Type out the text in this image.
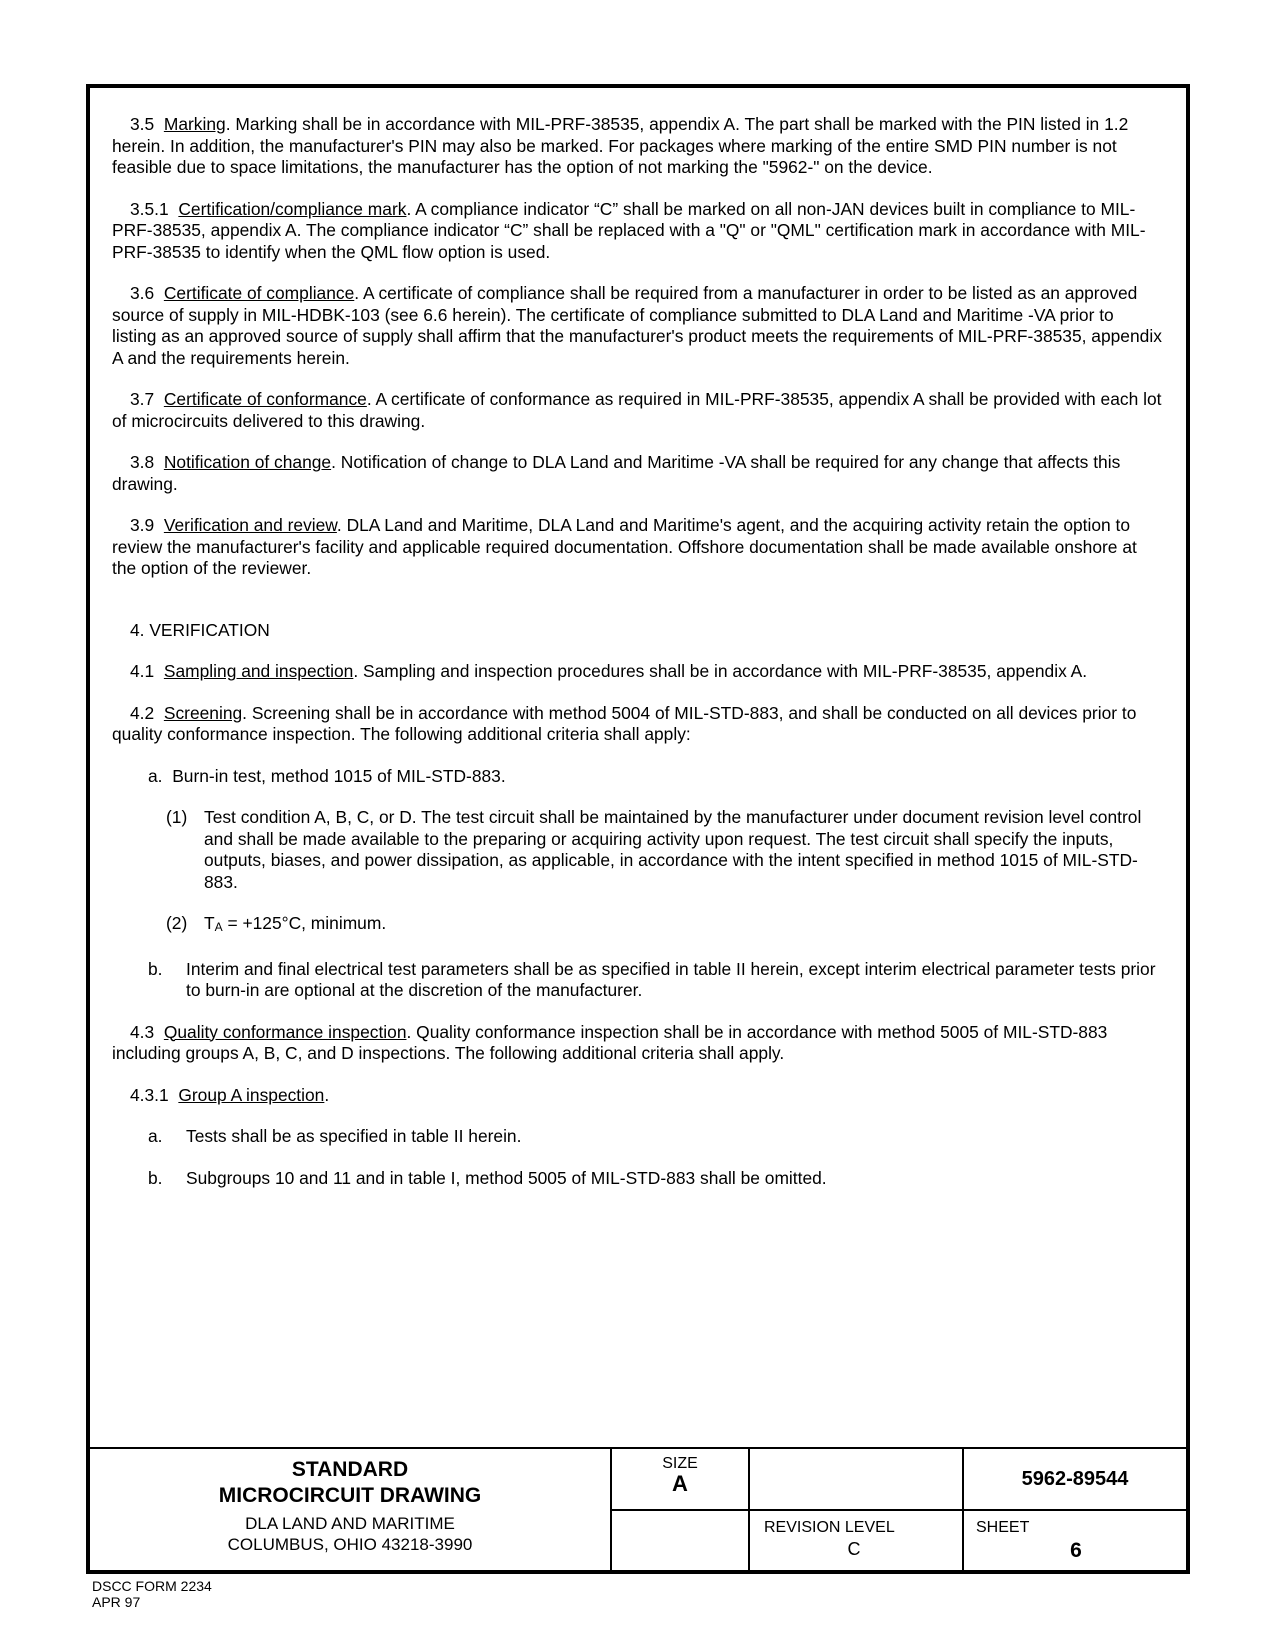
3.5 Marking. Marking shall be in accordance with MIL-PRF-38535, appendix A. The part shall be marked with the PIN listed in 1.2 herein. In addition, the manufacturer's PIN may also be marked. For packages where marking of the entire SMD PIN number is not feasible due to space limitations, the manufacturer has the option of not marking the "5962-" on the device.

3.5.1 Certification/compliance mark. A compliance indicator “C” shall be marked on all non-JAN devices built in compliance to MIL-PRF-38535, appendix A. The compliance indicator “C” shall be replaced with a "Q" or "QML" certification mark in accordance with MIL-PRF-38535 to identify when the QML flow option is used.

3.6 Certificate of compliance. A certificate of compliance shall be required from a manufacturer in order to be listed as an approved source of supply in MIL-HDBK-103 (see 6.6 herein). The certificate of compliance submitted to DLA Land and Maritime -VA prior to listing as an approved source of supply shall affirm that the manufacturer's product meets the requirements of MIL-PRF-38535, appendix A and the requirements herein.

3.7 Certificate of conformance. A certificate of conformance as required in MIL-PRF-38535, appendix A shall be provided with each lot of microcircuits delivered to this drawing.

3.8 Notification of change. Notification of change to DLA Land and Maritime -VA shall be required for any change that affects this drawing.

3.9 Verification and review. DLA Land and Maritime, DLA Land and Maritime's agent, and the acquiring activity retain the option to review the manufacturer's facility and applicable required documentation. Offshore documentation shall be made available onshore at the option of the reviewer.

4. VERIFICATION

4.1 Sampling and inspection. Sampling and inspection procedures shall be in accordance with MIL-PRF-38535, appendix A.

4.2 Screening. Screening shall be in accordance with method 5004 of MIL-STD-883, and shall be conducted on all devices prior to quality conformance inspection. The following additional criteria shall apply:

a. Burn-in test, method 1015 of MIL-STD-883.

(1) Test condition A, B, C, or D. The test circuit shall be maintained by the manufacturer under document revision level control and shall be made available to the preparing or acquiring activity upon request. The test circuit shall specify the inputs, outputs, biases, and power dissipation, as applicable, in accordance with the intent specified in method 1015 of MIL-STD-883.

(2) $T_A = +125^\circ C$, minimum.

b. Interim and final electrical test parameters shall be as specified in table II herein, except interim electrical parameter tests prior to burn-in are optional at the discretion of the manufacturer.

4.3 Quality conformance inspection. Quality conformance inspection shall be in accordance with method 5005 of MIL-STD-883 including groups A, B, C, and D inspections. The following additional criteria shall apply.

4.3.1 Group A inspection.

a. Tests shall be as specified in table II herein.

b. Subgroups 10 and 11 and in table I, method 5005 of MIL-STD-883 shall be omitted.

STANDARD
MICROCIRCUIT DRAWING
DLA LAND AND MARITIME
COLUMBUS, OHIO 43218-3990
SIZE
A	5962-89544
REVISION LEVEL
C
SHEET
6
DSCC FORM 2234
APR 97
